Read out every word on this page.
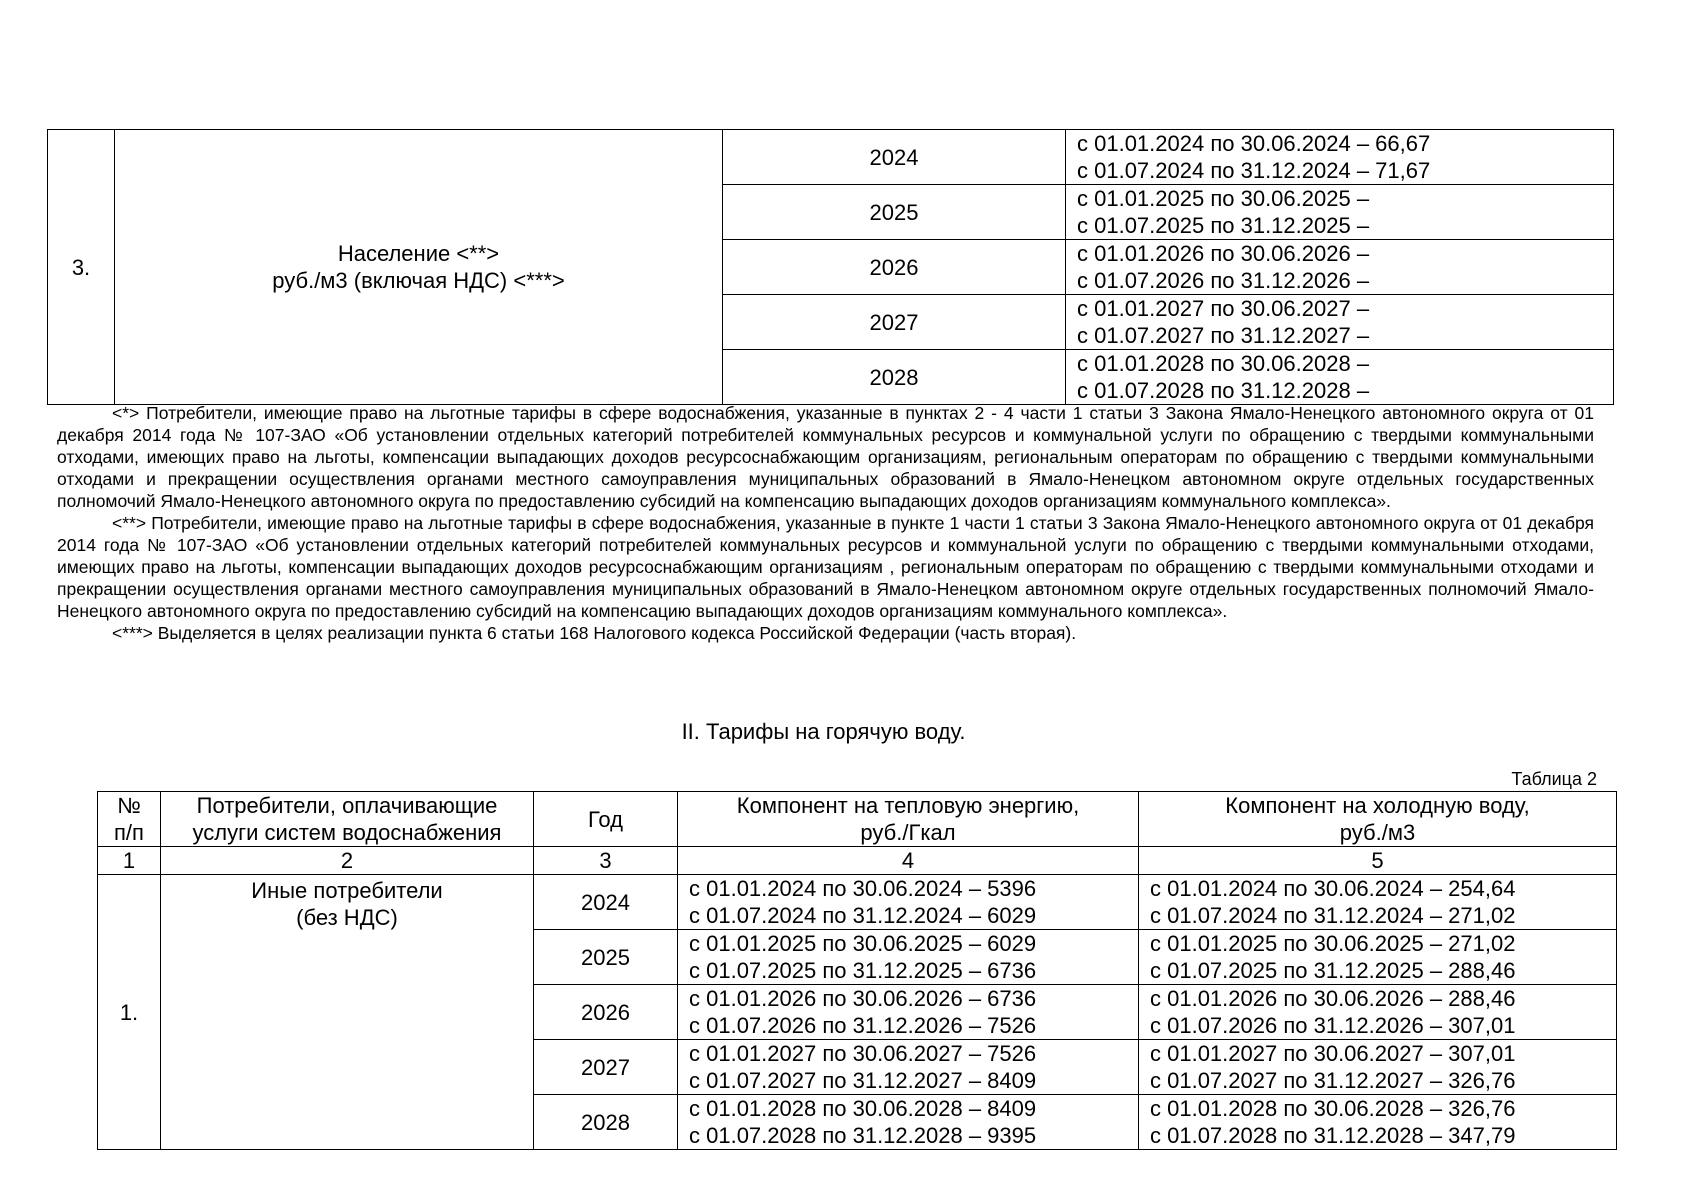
3.	Население <**>
руб./м3 (включая НДС) <***>	2024	с 01.01.2024 по 30.06.2024 – 66,67
с 01.07.2024 по 31.12.2024 – 71,67

		2025	с 01.01.2025 по 30.06.2025 –
с 01.07.2025 по 31.12.2025 –

		2026	с 01.01.2026 по 30.06.2026 –
с 01.07.2026 по 31.12.2026 –

		2027	с 01.01.2027 по 30.06.2027 –
с 01.07.2027 по 31.12.2027 –

		2028	с 01.01.2028 по 30.06.2028 –
с 01.07.2028 по 31.12.2028 –

<*> Потребители, имеющие право на льготные тарифы в сфере водоснабжения, указанные в пунктах 2 - 4 части 1 статьи 3 Закона Ямало-Ненецкого автономного округа от 01 декабря 2014 года № 107-ЗАО «Об установлении отдельных категорий потребителей коммунальных ресурсов и коммунальной услуги по обращению с твердыми коммунальными отходами, имеющих право на льготы, компенсации выпадающих доходов ресурсоснабжающим организациям, региональным операторам по обращению с твердыми коммунальными отходами и прекращении осуществления органами местного самоуправления муниципальных образований в Ямало-Ненецком автономном округе отдельных государственных полномочий Ямало-Ненецкого автономного округа по предоставлению субсидий на компенсацию выпадающих доходов организациям коммунального комплекса».

<**> Потребители, имеющие право на льготные тарифы в сфере водоснабжения, указанные в пункте 1 части 1 статьи 3 Закона Ямало-Ненецкого автономного округа от 01 декабря 2014 года № 107-ЗАО «Об установлении отдельных категорий потребителей коммунальных ресурсов и коммунальной услуги по обращению с твердыми коммунальными отходами, имеющих право на льготы, компенсации выпадающих доходов ресурсоснабжающим организациям , региональным операторам по обращению с твердыми коммунальными отходами и прекращении осуществления органами местного самоуправления муниципальных образований в Ямало-Ненецком автономном округе отдельных государственных полномочий Ямало-Ненецкого автономного округа по предоставлению субсидий на компенсацию выпадающих доходов организациям коммунального комплекса».

<***> Выделяется в целях реализации пункта 6 статьи 168 Налогового кодекса Российской Федерации (часть вторая).

II. Тарифы на горячую воду.
Таблица 2
№
п/п	Потребители, оплачивающие
услуги систем водоснабжения	Год	Компонент на тепловую энергию,
руб./Гкал	Компонент на холодную воду,
руб./м3

1	2	3	4	5
1.	Иные потребители
(без НДС)	2024	с 01.01.2024 по 30.06.2024 – 5396
с 01.07.2024 по 31.12.2024 – 6029	с 01.01.2024 по 30.06.2024 – 254,64
с 01.07.2024 по 31.12.2024 – 271,02

		2025	с 01.01.2025 по 30.06.2025 – 6029
с 01.07.2025 по 31.12.2025 – 6736	с 01.01.2025 по 30.06.2025 – 271,02
с 01.07.2025 по 31.12.2025 – 288,46

		2026	с 01.01.2026 по 30.06.2026 – 6736
с 01.07.2026 по 31.12.2026 – 7526	с 01.01.2026 по 30.06.2026 – 288,46
с 01.07.2026 по 31.12.2026 – 307,01

		2027	с 01.01.2027 по 30.06.2027 – 7526
с 01.07.2027 по 31.12.2027 – 8409	с 01.01.2027 по 30.06.2027 – 307,01
с 01.07.2027 по 31.12.2027 – 326,76

		2028	с 01.01.2028 по 30.06.2028 – 8409
с 01.07.2028 по 31.12.2028 – 9395	с 01.01.2028 по 30.06.2028 – 326,76
с 01.07.2028 по 31.12.2028 – 347,79
